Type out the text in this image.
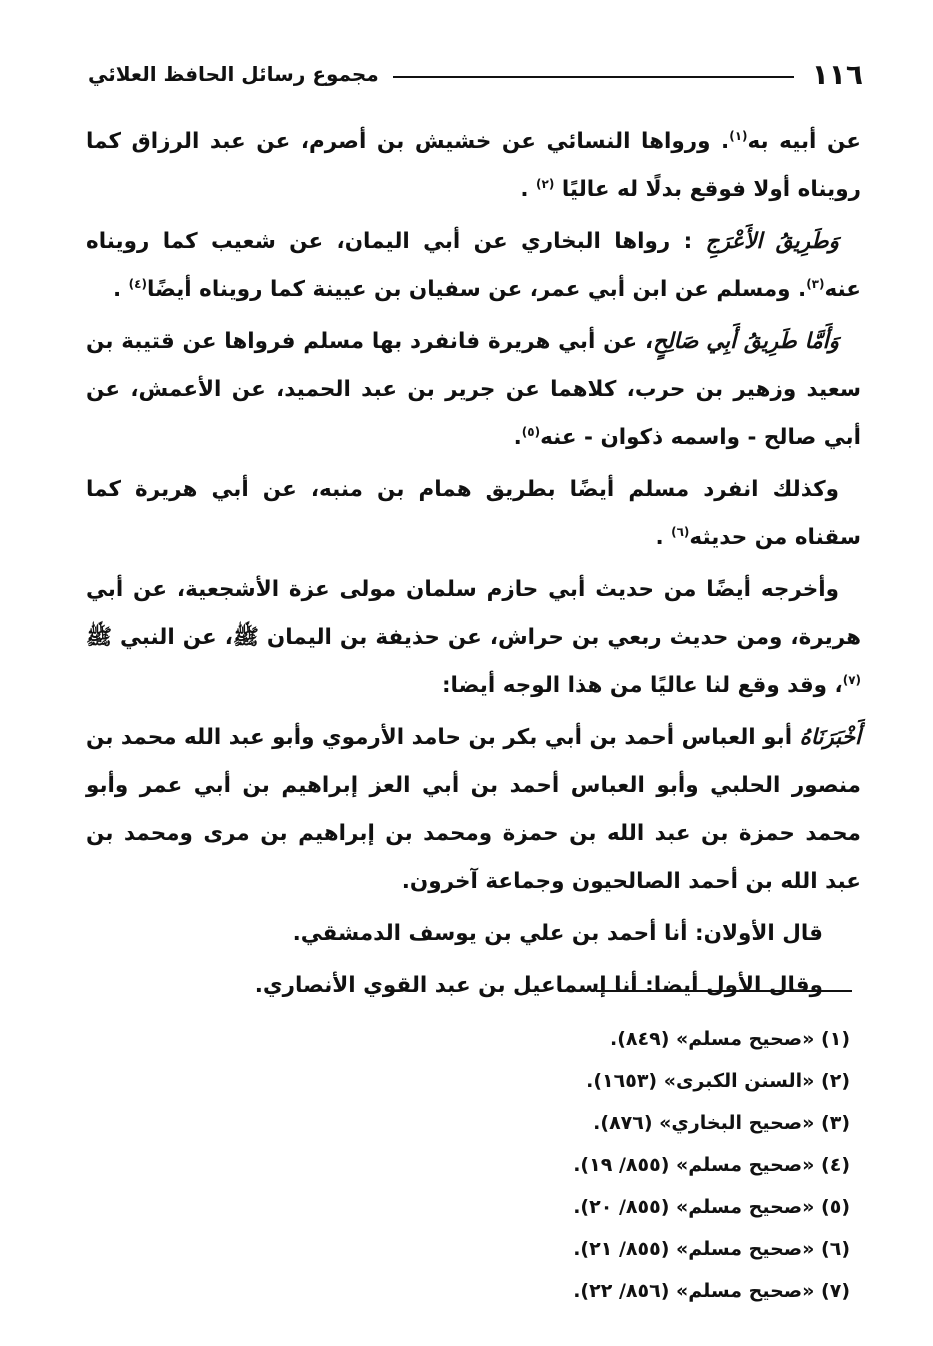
١١٦
مجموع رسائل الحافظ العلائي

عن أبيه به$^{(١)}$. ورواها النسائي عن خشيش بن أصرم، عن عبد الرزاق كما رويناه أولا فوقع بدلًا له عاليًا $^{(٢)}$ .

وَطَرِيقُ الأَعْرَجِ : رواها البخاري عن أبي اليمان، عن شعيب كما رويناه عنه$^{(٣)}$. ومسلم عن ابن أبي عمر، عن سفيان بن عيينة كما رويناه أيضًا$^{(٤)}$ .

وَأَمَّا طَرِيقُ أَبِي صَالِحٍ، عن أبي هريرة فانفرد بها مسلم فرواها عن قتيبة بن سعيد وزهير بن حرب، كلاهما عن جرير بن عبد الحميد، عن الأعمش، عن أبي صالح - واسمه ذكوان - عنه$^{(٥)}$.

وكذلك انفرد مسلم أيضًا بطريق همام بن منبه، عن أبي هريرة كما سقناه من حديثه$^{(٦)}$ .

وأخرجه أيضًا من حديث أبي حازم سلمان مولى عزة الأشجعية، عن أبي هريرة، ومن حديث ربعي بن حراش، عن حذيفة بن اليمان ﷺ، عن النبي ﷺ $^{(٧)}$، وقد وقع لنا عاليًا من هذا الوجه أيضا:

أَخْبَرَنَاهُ أبو العباس أحمد بن أبي بكر بن حامد الأرموي وأبو عبد الله محمد بن منصور الحلبي وأبو العباس أحمد بن أبي العز إبراهيم بن أبي عمر وأبو محمد حمزة بن عبد الله بن حمزة ومحمد بن إبراهيم بن مرى ومحمد بن عبد الله بن أحمد الصالحيون وجماعة آخرون.

قال الأولان: أنا أحمد بن علي بن يوسف الدمشقي.

وقال الأول أيضا: أنا إسماعيل بن عبد القوي الأنصاري.

(١) «صحيح مسلم» (٨٤٩).
(٢) «السنن الكبرى» (١٦٥٣).
(٣) «صحيح البخاري» (٨٧٦).
(٤) «صحيح مسلم» (٨٥٥/ ١٩).
(٥) «صحيح مسلم» (٨٥٥/ ٢٠).
(٦) «صحيح مسلم» (٨٥٥/ ٢١).
(٧) «صحيح مسلم» (٨٥٦/ ٢٢).
